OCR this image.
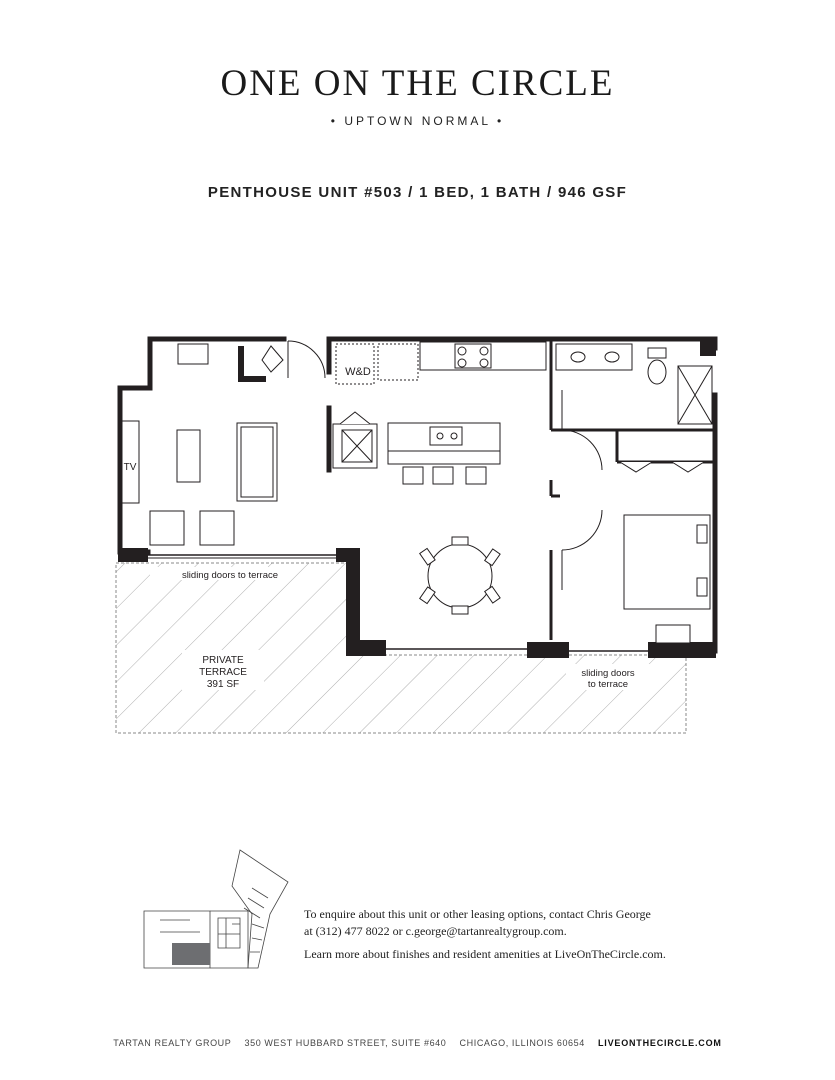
ONE ON THE CIRCLE
• UPTOWN NORMAL •
PENTHOUSE UNIT #503 / 1 BED, 1 BATH / 946 GSF
TV
W&D
sliding doors to terrace
PRIVATE
TERRACE
391 SF
sliding doors
to terrace

To enquire about this unit or other leasing options, contact Chris George
at (312) 477 8022 or c.george@tartanrealtygroup.com.

Learn more about finishes and resident amenities at LiveOnTheCircle.com.

TARTAN REALTY GROUP 350 WEST HUBBARD STREET, SUITE #640 CHICAGO, ILLINOIS 60654 LIVEONTHECIRCLE.COM
